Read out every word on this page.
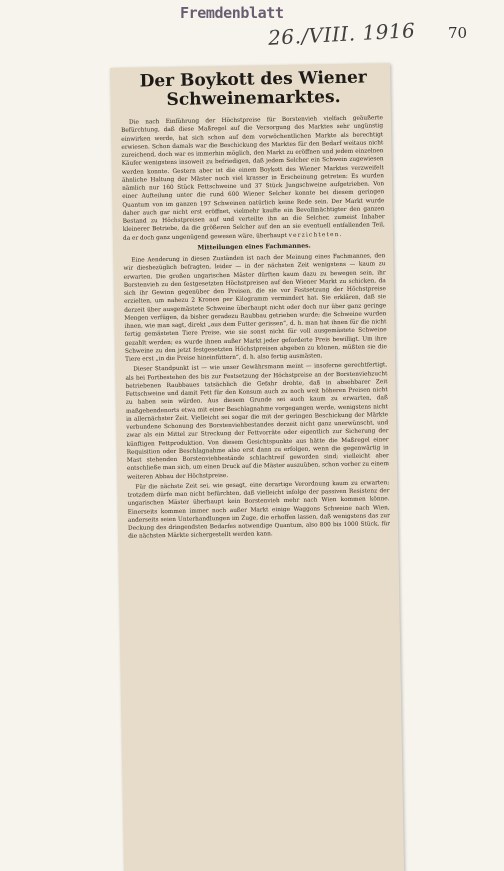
Fremdenblatt
26./VIII. 1916 70
Der Boykott des Wiener
Schweinemarktes.

Die nach Einführung der Höchstpreise für Borstenvieh vielfach geäußerte Befürchtung, daß diese Maßregel auf die Versorgung des Marktes sehr ungünstig einwirken werde, hat sich schon auf dem vorwöchentlichen Markte als berechtigt erwiesen. Schon damals war die Beschickung des Marktes für den Bedarf weitaus nicht zureichend, doch war es immerhin möglich, den Markt zu eröffnen und jedem einzelnen Käufer wenigstens insoweit zu befriedigen, daß jedem Selcher ein Schwein zugewiesen werden konnte. Gestern aber ist die einem Boykott des Wiener Marktes verzweifelt ähnliche Haltung der Mäster noch viel krasser in Erscheinung getreten: Es wurden nämlich nur 160 Stück Fettschweine und 37 Stück Jungschweine aufgetrieben. Von einer Aufteilung unter die rund 600 Wiener Selcher konnte bei diesem geringen Quantum von im ganzen 197 Schweinen natürlich keine Rede sein. Der Markt wurde daher auch gar nicht erst eröffnet, vielmehr kaufte ein Bevollmächtigter den ganzen Bestand zu Höchstpreisen auf und verteilte ihn an die Selcher, zumeist Inhaber kleinerer Betriebe, da die größeren Selcher auf den an sie eventuell entfallenden Teil, da er doch ganz ungenügend gewesen wäre, überhaupt verzichteten.

Mitteilungen eines Fachmannes.

Eine Aenderung in diesen Zuständen ist nach der Meinung eines Fachmannes, den wir diesbezüglich befragten, leider — in der nächsten Zeit wenigstens — kaum zu erwarten. Die großen ungarischen Mäster dürften kaum dazu zu bewegen sein, ihr Borstenvieh zu den festgesetzten Höchstpreisen auf den Wiener Markt zu schicken, da sich ihr Gewinn gegenüber den Preisen, die sie vor Festsetzung der Höchstpreise erzielten, um nahezu 2 Kronen per Kilogramm vermindert hat. Sie erklären, daß sie derzeit über ausgemästete Schweine überhaupt nicht oder doch nur über ganz geringe Mengen verfügen, da bisher geradezu Raubbau getrieben wurde; die Schweine wurden ihnen, wie man sagt, direkt „aus dem Futter gerissen“, d. h. man hat ihnen für die nicht fertig gemästeten Tiere Preise, wie sie sonst nicht für voll ausgemästete Schweine gezahlt werden; es wurde ihnen außer Markt jeder geforderte Preis bewilligt. Um ihre Schweine zu den jetzt festgesetzten Höchstpreisen abgeben zu können, müßten sie die Tiere erst „in die Preise hineinfüttern“, d. h. also fertig ausmästen.

Dieser Standpunkt ist — wie unser Gewährsmann meint — insoferne gerechtfertigt, als bei Fortbestehen des bis zur Festsetzung der Höchstpreise an der Borstenviehzucht betriebenen Raubbaues tatsächlich die Gefahr drohte, daß in absehbarer Zeit Fettschweine und damit Fett für den Konsum auch zu noch weit höheren Preisen nicht zu haben sein würden. Aus diesem Grunde sei auch kaum zu erwarten, daß maßgebendenorts etwa mit einer Beschlagnahme vorgegangen werde, wenigstens nicht in allernächster Zeit. Vielleicht sei sogar die mit der geringen Beschickung der Märkte verbundene Schonung des Borstenviehbestandes derzeit nicht ganz unerwünscht, und zwar als ein Mittel zur Streckung der Fettvorräte oder eigentlich zur Sicherung der künftigen Fettproduktion. Von diesem Gesichtspunkte aus hätte die Maßregel einer Requisition oder Beschlagnahme also erst dann zu erfolgen, wenn die gegenwärtig in Mast stehenden Borstenviehbestände schlachtreif geworden sind; vielleicht aber entschließe man sich, um einen Druck auf die Mäster auszuüben, schon vorher zu einem weiteren Abbau der Höchstpreise.

Für die nächste Zeit sei, wie gesagt, eine derartige Verordnung kaum zu erwarten; trotzdem dürfe man nicht befürchten, daß vielleicht infolge der passiven Resistenz der ungarischen Mäster überhaupt kein Borstenvieh mehr nach Wien kommen könne. Einerseits kommen immer noch außer Markt einige Waggons Schweine nach Wien, anderseits seien Unterhandlungen im Zuge, die erhoffen lassen, daß wenigstens das zur Deckung des dringendsten Bedarfes notwendige Quantum, also 800 bis 1000 Stück, für die nächsten Märkte sichergestellt werden kann.
